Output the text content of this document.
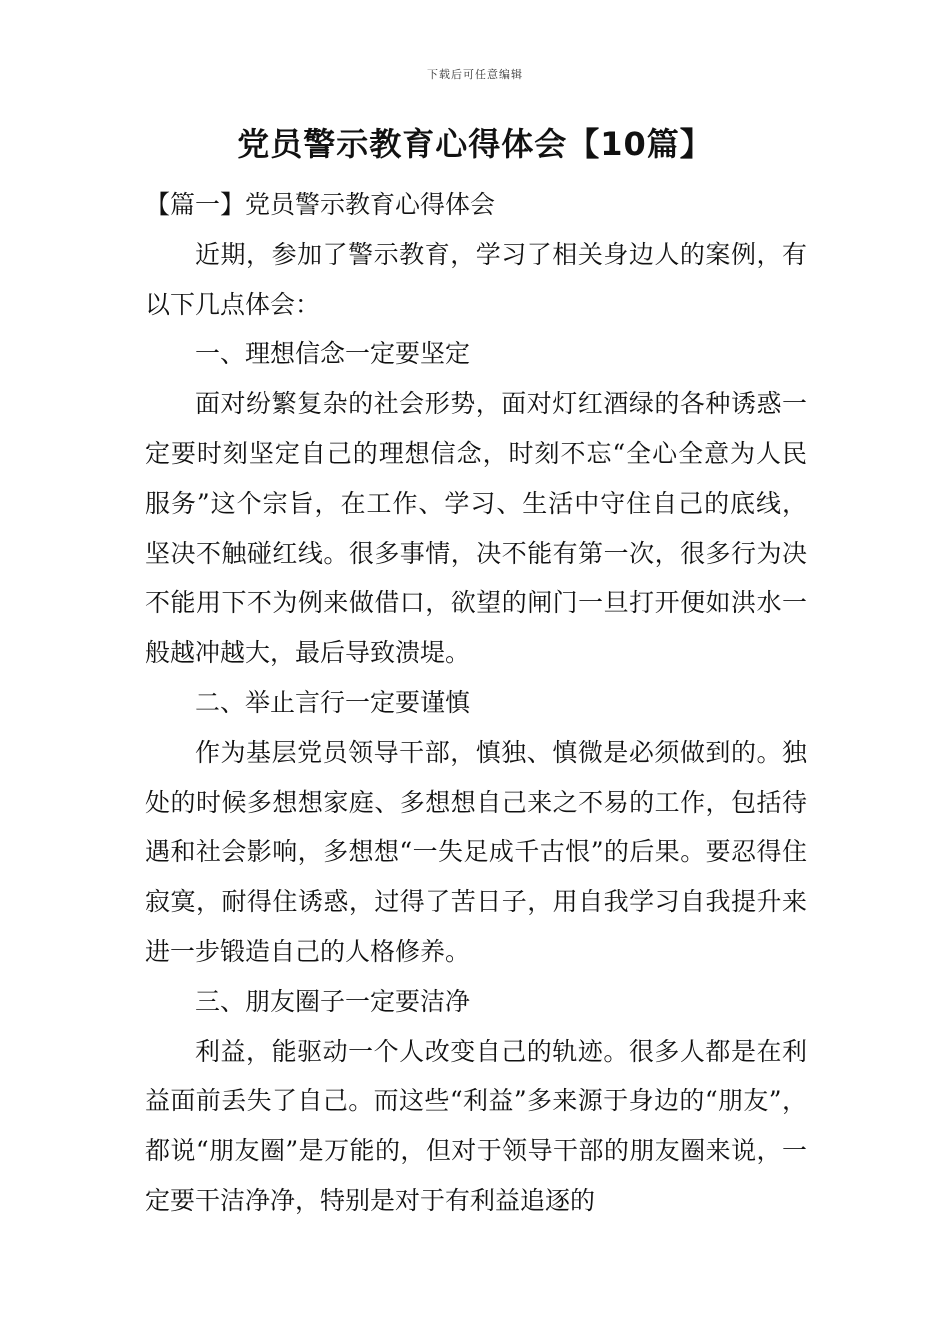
下载后可任意编辑
党员警示教育心得体会【10篇】

【篇一】党员警示教育心得体会

近期，参加了警示教育，学习了相关身边人的案例，有以下几点体会：

一、理想信念一定要坚定

面对纷繁复杂的社会形势，面对灯红酒绿的各种诱惑一定要时刻坚定自己的理想信念，时刻不忘“全心全意为人民服务”这个宗旨，在工作、学习、生活中守住自己的底线，坚决不触碰红线。很多事情，决不能有第一次，很多行为决不能用下不为例来做借口，欲望的闸门一旦打开便如洪水一般越冲越大，最后导致溃堤。

二、举止言行一定要谨慎

作为基层党员领导干部，慎独、慎微是必须做到的。独处的时候多想想家庭、多想想自己来之不易的工作，包括待遇和社会影响，多想想“一失足成千古恨”的后果。要忍得住寂寞，耐得住诱惑，过得了苦日子，用自我学习自我提升来进一步锻造自己的人格修养。

三、朋友圈子一定要洁净

利益，能驱动一个人改变自己的轨迹。很多人都是在利益面前丢失了自己。而这些“利益”多来源于身边的“朋友”，都说“朋友圈”是万能的，但对于领导干部的朋友圈来说，一定要干洁净净，特别是对于有利益追逐的
